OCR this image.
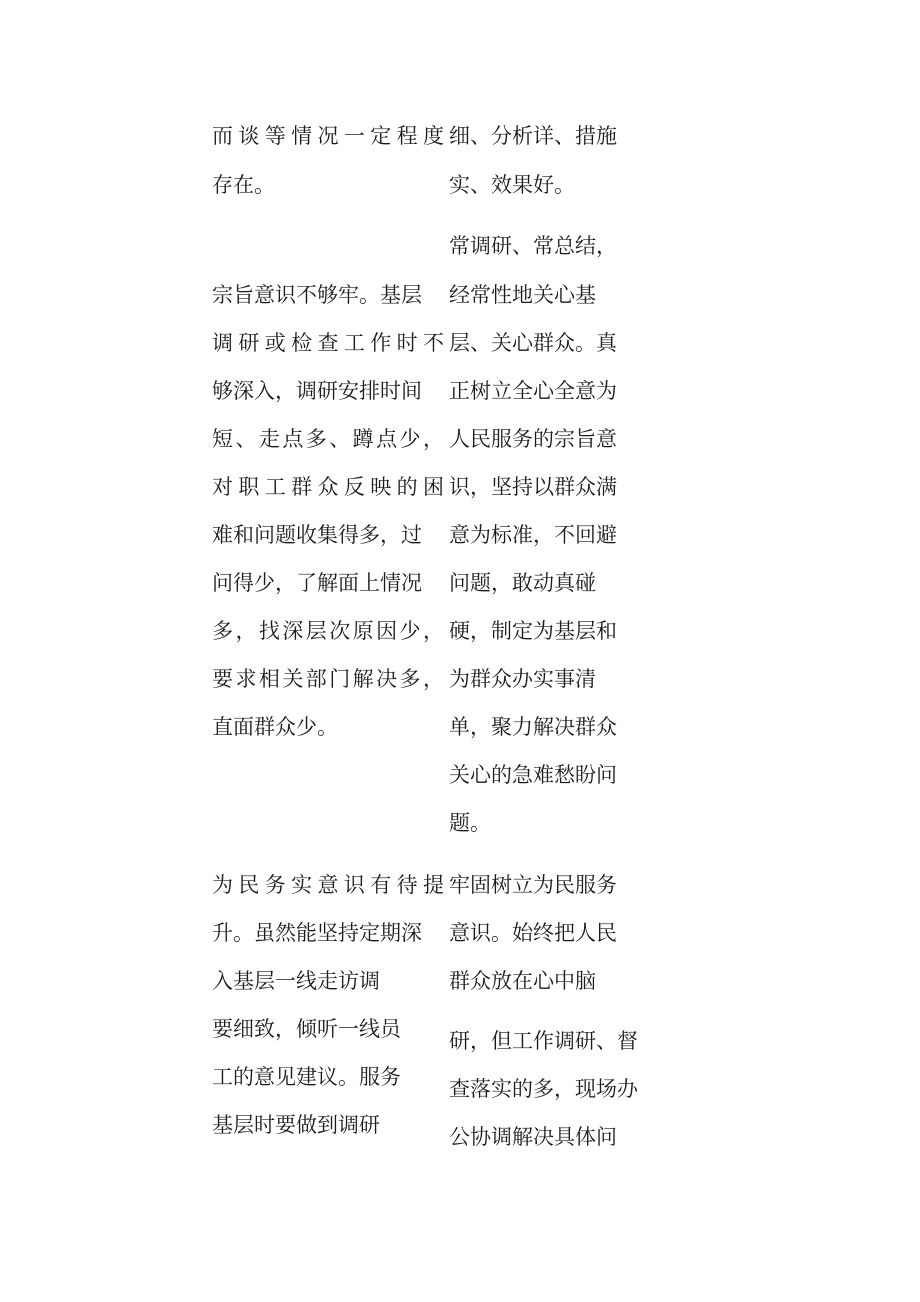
而谈等情况一定程度
存在。
宗旨意识不够牢。基层
调研或检查工作时不
够深入，调研安排时间
短、走点多、蹲点少，
对职工群众反映的困
难和问题收集得多，过
问得少，了解面上情况
多，找深层次原因少，
要求相关部门解决多，
直面群众少。
为民务实意识有待提
升。虽然能坚持定期深
入基层一线走访调
要细致，倾听一线员
工的意见建议。服务
基层时要做到调研
细、分析详、措施
实、效果好。
常调研、常总结，
经常性地关心基
层、关心群众。真
正树立全心全意为
人民服务的宗旨意
识，坚持以群众满
意为标准，不回避
问题，敢动真碰
硬，制定为基层和
为群众办实事清
单，聚力解决群众
关心的急难愁盼问
题。
牢固树立为民服务
意识。始终把人民
群众放在心中脑
研，但工作调研、督
查落实的多，现场办
公协调解决具体问
